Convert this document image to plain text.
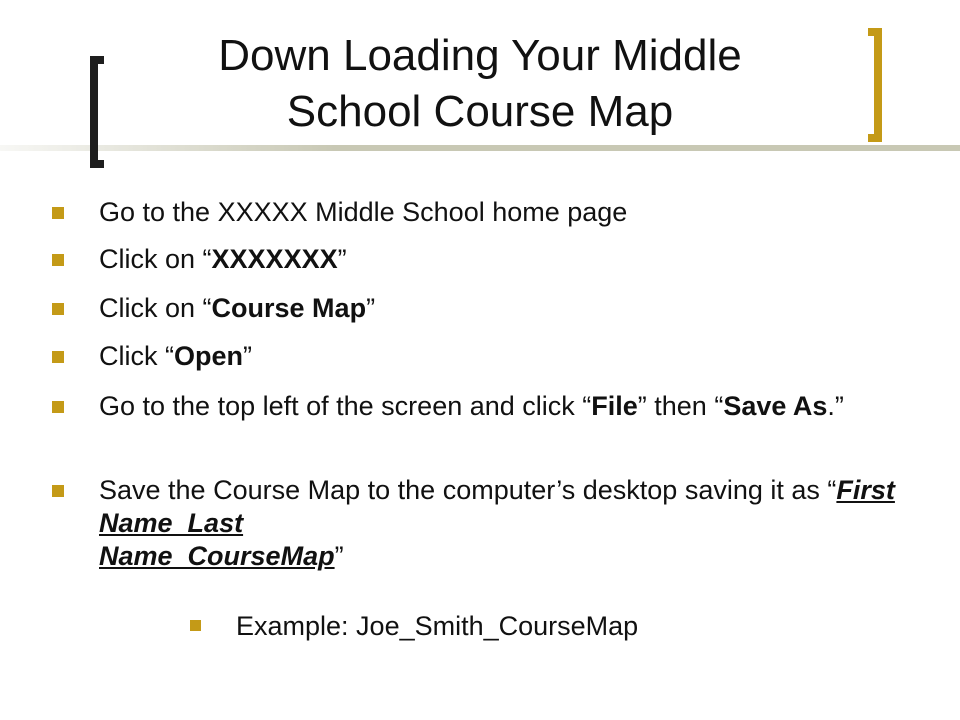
Down Loading Your Middle
School Course Map
Go to the XXXXX Middle School home page
Click on “XXXXXXX”
Click on “Course Map”
Click “Open”
Go to the top left of the screen and click “File” then “Save As.”
Save the Course Map to the computer’s desktop saving it as “First Name_Last
Name_CourseMap”
Example: Joe_Smith_CourseMap
